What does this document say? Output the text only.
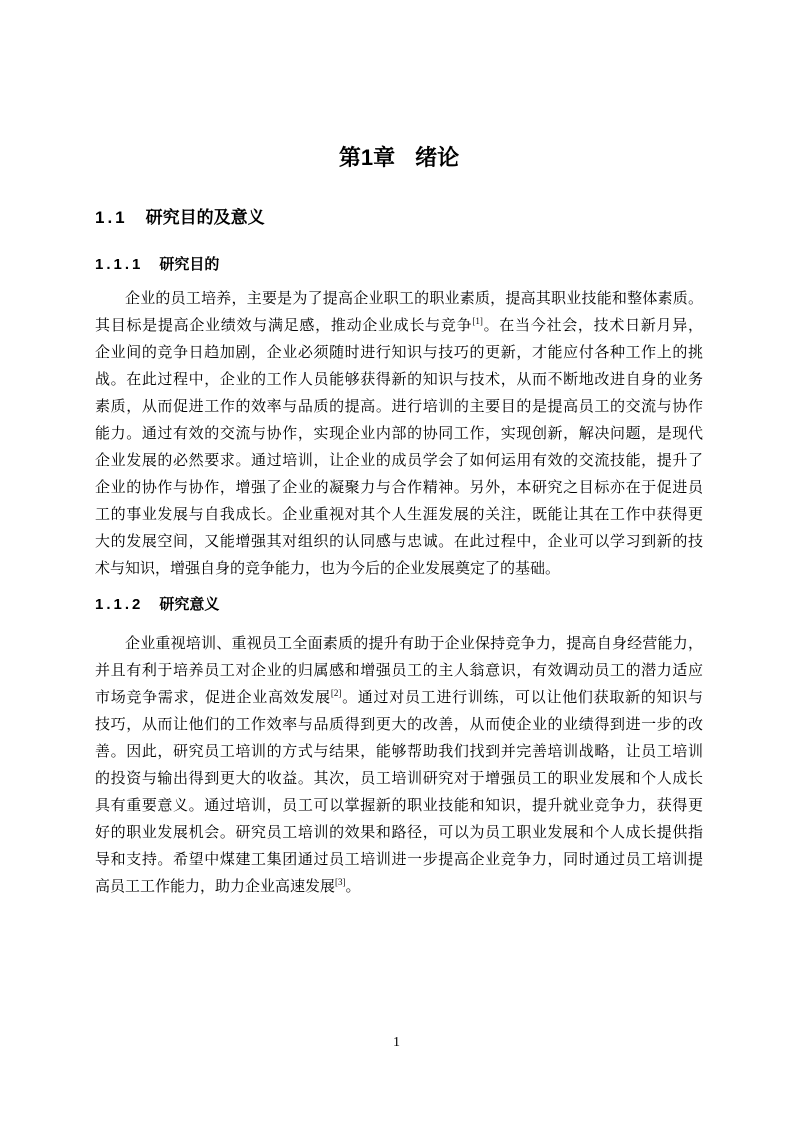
第1章 绪论
1.1 研究目的及意义
1.1.1 研究目的
企业的员工培养，主要是为了提高企业职工的职业素质，提高其职业技能和整体素质。
其目标是提高企业绩效与满足感，推动企业成长与竞争[1]。在当今社会，技术日新月异，
企业间的竞争日趋加剧，企业必须随时进行知识与技巧的更新，才能应付各种工作上的挑
战。在此过程中，企业的工作人员能够获得新的知识与技术，从而不断地改进自身的业务
素质，从而促进工作的效率与品质的提高。进行培训的主要目的是提高员工的交流与协作
能力。通过有效的交流与协作，实现企业内部的协同工作，实现创新，解决问题，是现代
企业发展的必然要求。通过培训，让企业的成员学会了如何运用有效的交流技能，提升了
企业的协作与协作，增强了企业的凝聚力与合作精神。另外，本研究之目标亦在于促进员
工的事业发展与自我成长。企业重视对其个人生涯发展的关注，既能让其在工作中获得更
大的发展空间，又能增强其对组织的认同感与忠诚。在此过程中，企业可以学习到新的技
术与知识，增强自身的竞争能力，也为今后的企业发展奠定了的基础。
1.1.2 研究意义
企业重视培训、重视员工全面素质的提升有助于企业保持竞争力，提高自身经营能力，
并且有利于培养员工对企业的归属感和增强员工的主人翁意识，有效调动员工的潜力适应
市场竞争需求，促进企业高效发展[2]。通过对员工进行训练，可以让他们获取新的知识与
技巧，从而让他们的工作效率与品质得到更大的改善，从而使企业的业绩得到进一步的改
善。因此，研究员工培训的方式与结果，能够帮助我们找到并完善培训战略，让员工培训
的投资与输出得到更大的收益。其次，员工培训研究对于增强员工的职业发展和个人成长
具有重要意义。通过培训，员工可以掌握新的职业技能和知识，提升就业竞争力，获得更
好的职业发展机会。研究员工培训的效果和路径，可以为员工职业发展和个人成长提供指
导和支持。希望中煤建工集团通过员工培训进一步提高企业竞争力，同时通过员工培训提
高员工工作能力，助力企业高速发展[3]。
1
